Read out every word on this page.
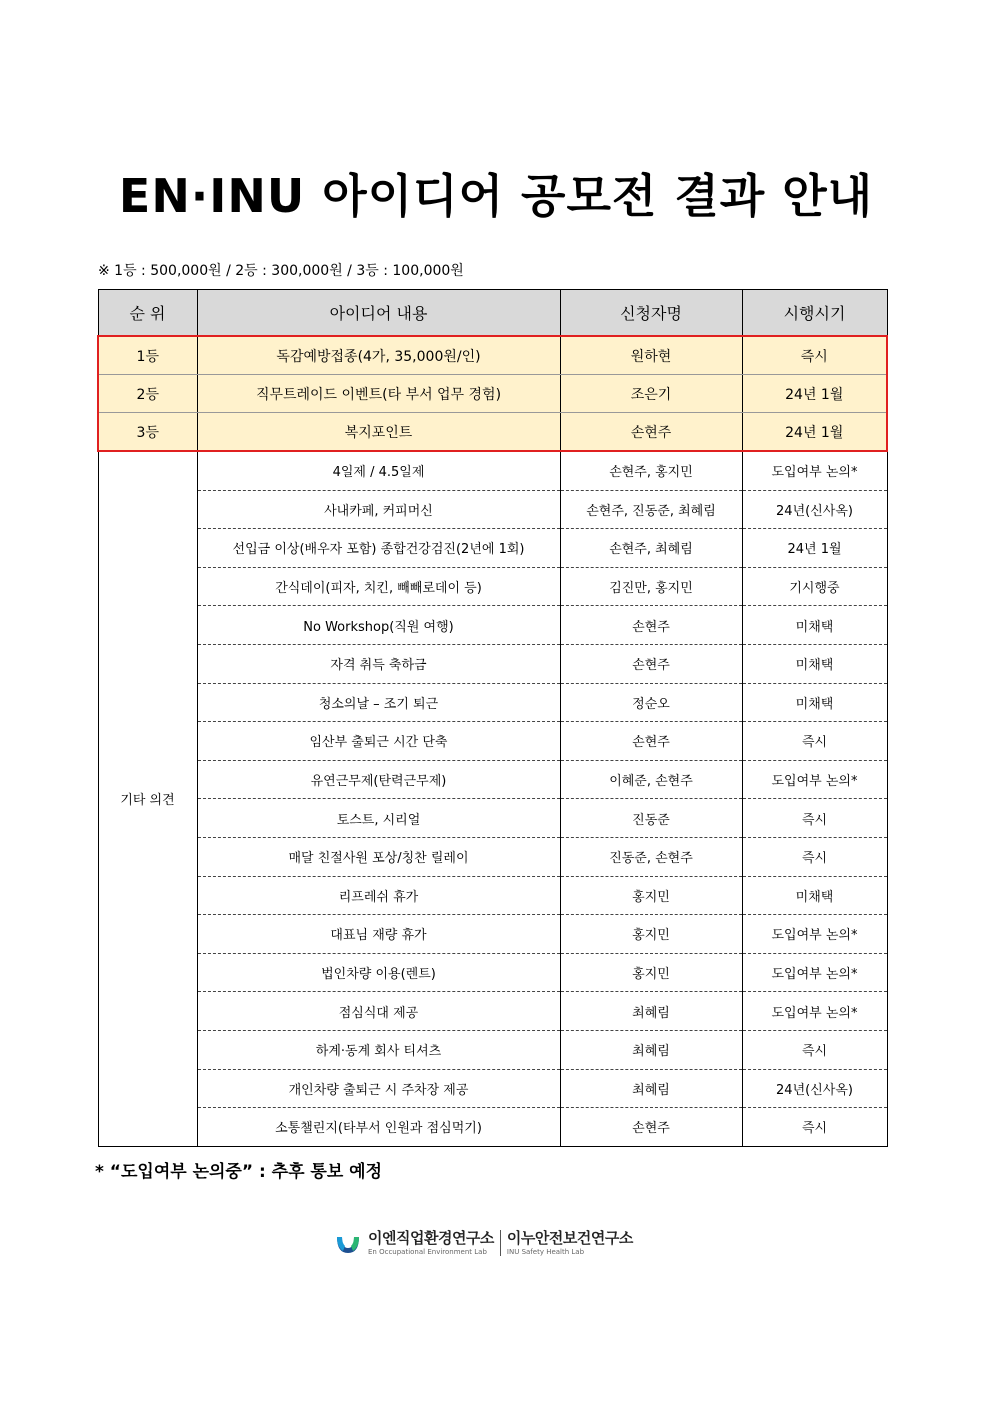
EN·INU 아이디어 공모전 결과 안내
※ 1등 : 500,000원 / 2등 : 300,000원 / 3등 : 100,000원
순 위	아이디어 내용	신청자명	시행시기
1등	독감예방접종(4가, 35,000원/인)	원하현	즉시
2등	직무트레이드 이벤트(타 부서 업무 경험)	조은기	24년 1월
3등	복지포인트	손현주	24년 1월
기타 의견	4일제 / 4.5일제	손현주, 홍지민	도입여부 논의*
	사내카페, 커피머신	손현주, 진동준, 최혜림	24년(신사옥)
	선입금 이상(배우자 포함) 종합건강검진(2년에 1회)	손현주, 최혜림	24년 1월
	간식데이(피자, 치킨, 빼빼로데이 등)	김진만, 홍지민	기시행중
	No Workshop(직원 여행)	손현주	미채택
	자격 취득 축하금	손현주	미채택
	청소의날 – 조기 퇴근	정순오	미채택
	임산부 출퇴근 시간 단축	손현주	즉시
	유연근무제(탄력근무제)	이혜준, 손현주	도입여부 논의*
	토스트, 시리얼	진동준	즉시
	매달 친절사원 포상/칭찬 릴레이	진동준, 손현주	즉시
	리프레쉬 휴가	홍지민	미채택
	대표님 재량 휴가	홍지민	도입여부 논의*
	법인차량 이용(렌트)	홍지민	도입여부 논의*
	점심식대 제공	최혜림	도입여부 논의*
	하계·동계 회사 티셔츠	최혜림	즉시
	개인차량 출퇴근 시 주차장 제공	최혜림	24년(신사옥)
	소통챌린지(타부서 인원과 점심먹기)	손현주	즉시
* “도입여부 논의중” : 추후 통보 예정
이엔직업환경연구소
En Occupational Environment Lab
이누안전보건연구소
INU Safety Health Lab
